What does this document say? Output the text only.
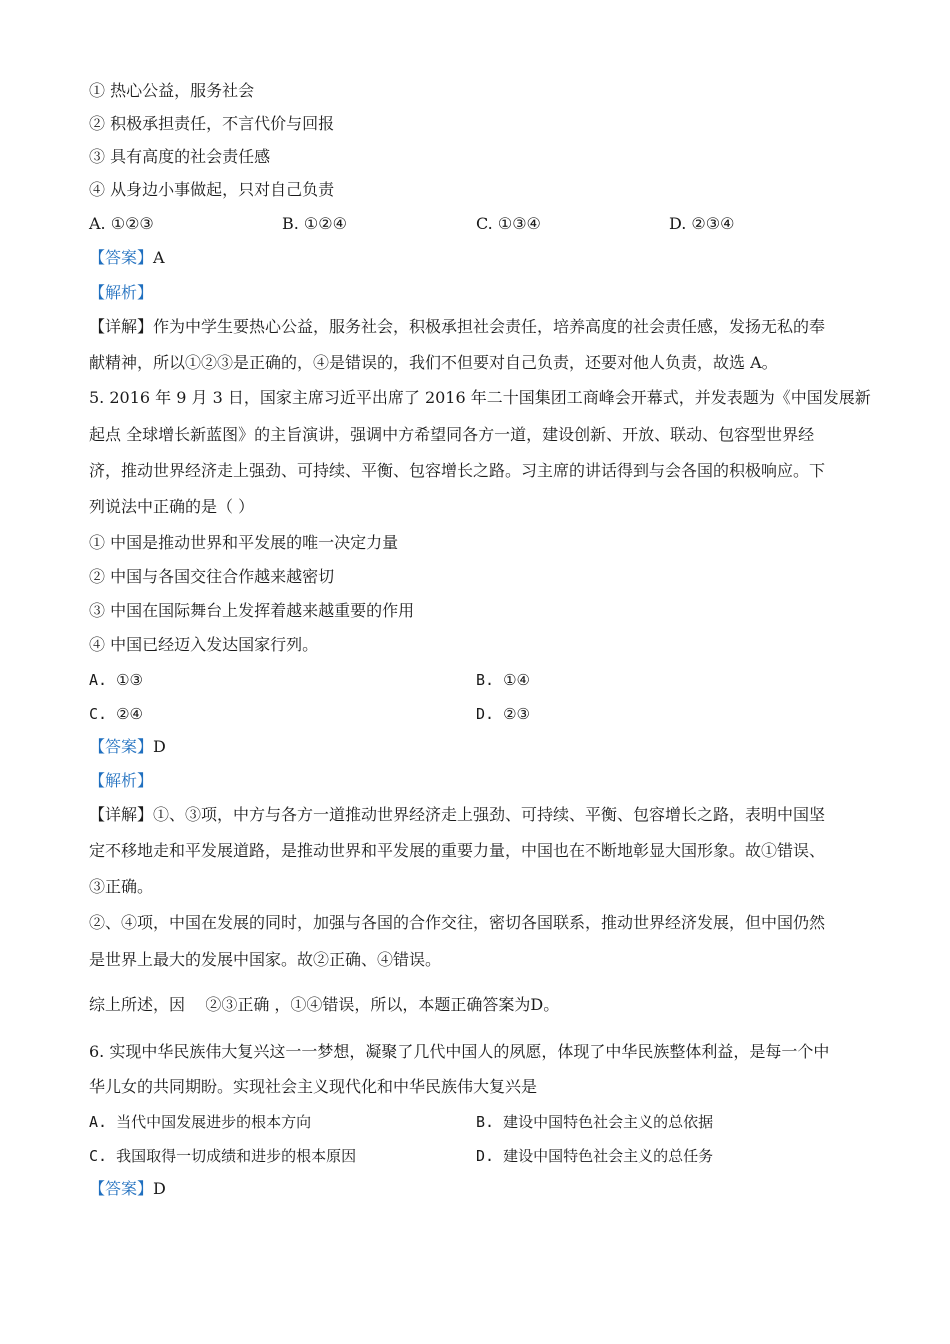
① 热心公益，服务社会
② 积极承担责任，不言代价与回报
③ 具有高度的社会责任感
④ 从身边小事做起，只对自己负责
A. ①②③	B. ①②④	C. ①③④	D. ②③④
【答案】A
【解析】
【详解】作为中学生要热心公益，服务社会，积极承担社会责任，培养高度的社会责任感，发扬无私的奉
献精神，所以①②③是正确的，④是错误的，我们不但要对自己负责，还要对他人负责，故选 A。
5. 2016 年 9 月 3 日，国家主席习近平出席了 2016 年二十国集团工商峰会开幕式，并发表题为《中国发展新
起点 全球增长新蓝图》的主旨演讲，强调中方希望同各方一道，建设创新、开放、联动、包容型世界经
济，推动世界经济走上强劲、可持续、平衡、包容增长之路。习主席的讲话得到与会各国的积极响应。下
列说法中正确的是（ ）
① 中国是推动世界和平发展的唯一决定力量
② 中国与各国交往合作越来越密切
③ 中国在国际舞台上发挥着越来越重要的作用
④ 中国已经迈入发达国家行列。
A. ①③	B. ①④
C. ②④	D. ②③
【答案】D
【解析】
【详解】①、③项，中方与各方一道推动世界经济走上强劲、可持续、平衡、包容增长之路，表明中国坚
定不移地走和平发展道路，是推动世界和平发展的重要力量，中国也在不断地彰显大国形象。故①错误、
③正确。
②、④项，中国在发展的同时，加强与各国的合作交往，密切各国联系，推动世界经济发展，但中国仍然
是世界上最大的发展中国家。故②正确、④错误。
综上所述，因    ②③正确 ，①④错误，所以，本题正确答案为D。
6. 实现中华民族伟大复兴这一一梦想，凝聚了几代中国人的夙愿，体现了中华民族整体利益，是每一个中
华儿女的共同期盼。实现社会主义现代化和中华民族伟大复兴是
A. 当代中国发展进步的根本方向	B. 建设中国特色社会主义的总依据
C. 我国取得一切成绩和进步的根本原因	D. 建设中国特色社会主义的总任务
【答案】D
